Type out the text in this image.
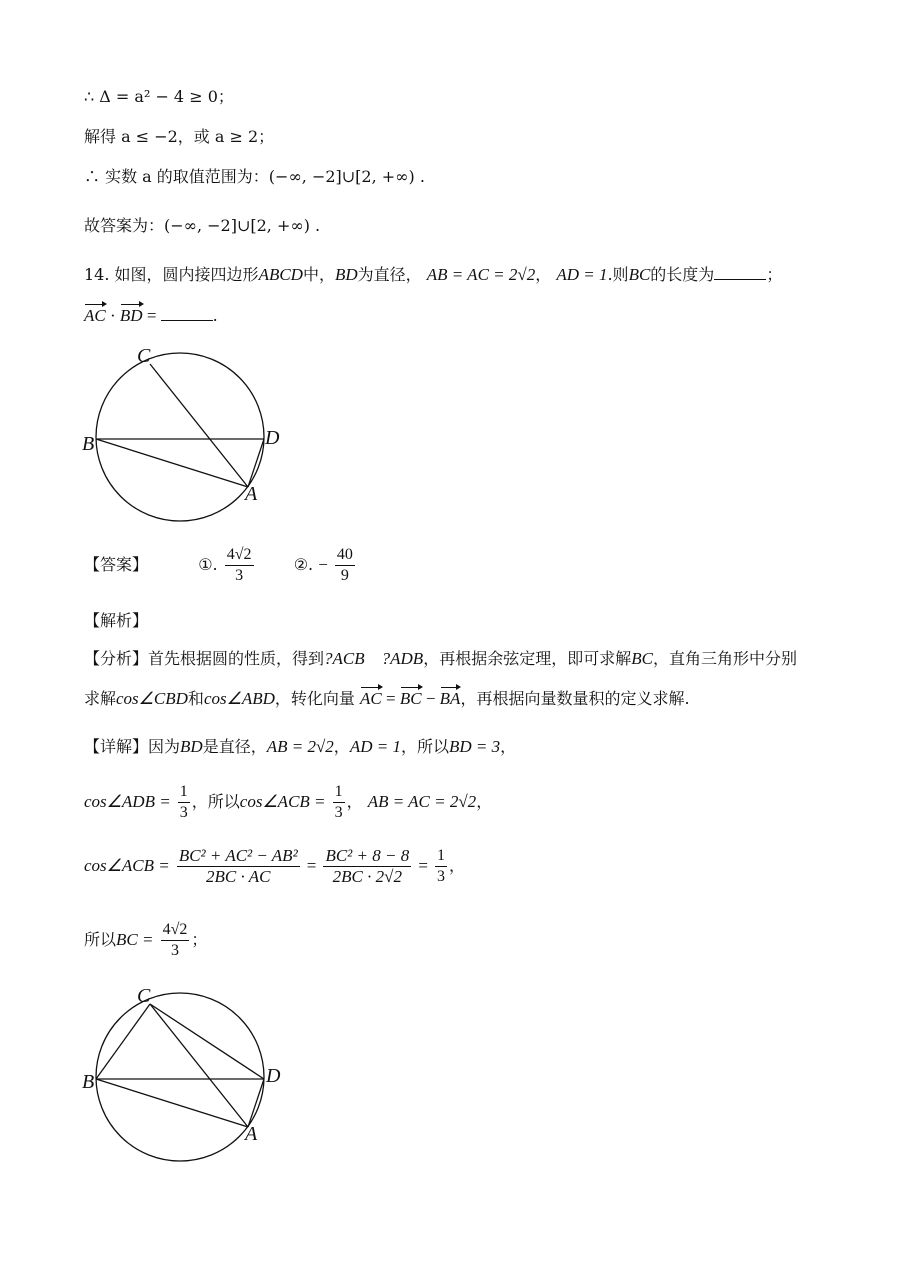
∴ Δ = a² − 4 ≥ 0；
解得 a ≤ −2，或 a ≥ 2；
∴ 实数 a 的取值范围为：(−∞, −2]∪[2, +∞) .
故答案为：(−∞, −2]∪[2, +∞) .
14. 如图，圆内接四边形ABCD中，BD为直径， AB = AC = 2√2， AD = 1.则BC的长度为	；
AC · BD =	.
C
B	D
A
【答案】	①. $\frac{4√2}{3}$	②. − $\frac{40}{9}$
【解析】
【分析】首先根据圆的性质，得到?ACB　?ADB，再根据余弦定理，即可求解BC，直角三角形中分别
求解cos∠CBD和cos∠ABD，转化向量 AC = BC − BA，再根据向量数量积的定义求解.
【详解】因为BD是直径，AB = 2√2，AD = 1，所以BD = 3，
cos∠ADB = $\frac{1}{3}$ ，所以cos∠ACB = $\frac{1}{3}$ ， AB = AC = 2√2，
cos∠ACB = $\frac{\text{BC² + AC² − AB²}}{2BC \cdot AC} = \frac{\text{BC² + 8 − 8}}{2BC \cdot 2√2} = \frac{1}{3}$ ，
所以BC = $\frac{4√2}{3}$ ；
C
B	D
A
